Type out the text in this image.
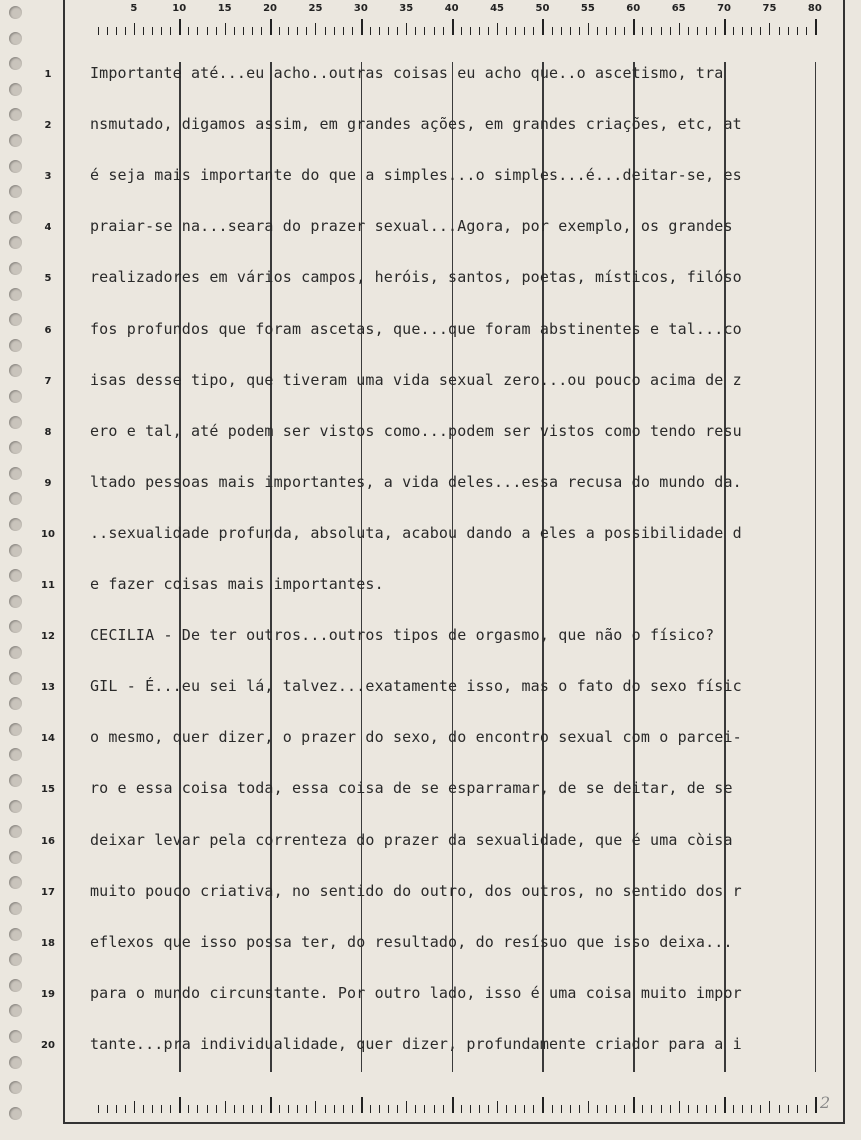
5	10	15	20	25	30	35	40	45	50	55	60	65	70	75	80
1
2
3
4
5
6
7
8
9
10
11
12
13
14
15
16
17
18
19
20
Importante até...eu acho..outras coisas eu acho que..o ascetismo, tra
nsmutado, digamos assim, em grandes ações, em grandes criações, etc, at
é seja mais importante do que a simples...o simples...é...deitar-se, es
praiar-se na...seara do prazer sexual...Agora, por exemplo, os grandes
realizadores em vários campos, heróis, santos, poetas, místicos, filóso
fos profundos que foram ascetas, que...que foram abstinentes e tal...co
isas desse tipo, que tiveram uma vida sexual zero...ou pouco acima de z
ero e tal, até podem ser vistos como...podem ser vistos como tendo resu
ltado pessoas mais importantes, a vida deles...essa recusa do mundo da.
..sexualidade profunda, absoluta, acabou dando a eles a possibilidade d
e fazer coisas mais importantes.
CECILIA - De ter outros...outros tipos de orgasmo, que não o físico?
GIL - É...eu sei lá, talvez...exatamente isso, mas o fato do sexo físic
o mesmo, quer dizer, o prazer do sexo, do encontro sexual com o parcei-
ro e essa coisa toda, essa coisa de se esparramar, de se deitar, de se
deixar levar pela correnteza do prazer da sexualidade, que é uma còisa
muito pouco criativa, no sentido do outro, dos outros, no sentido dos r
eflexos que isso possa ter, do resultado, do resísuo que isso deixa...
para o mundo circunstante. Por outro lado, isso é uma coisa muito impor
tante...pra individualidade, quer dizer, profundamente criador para a i
2
